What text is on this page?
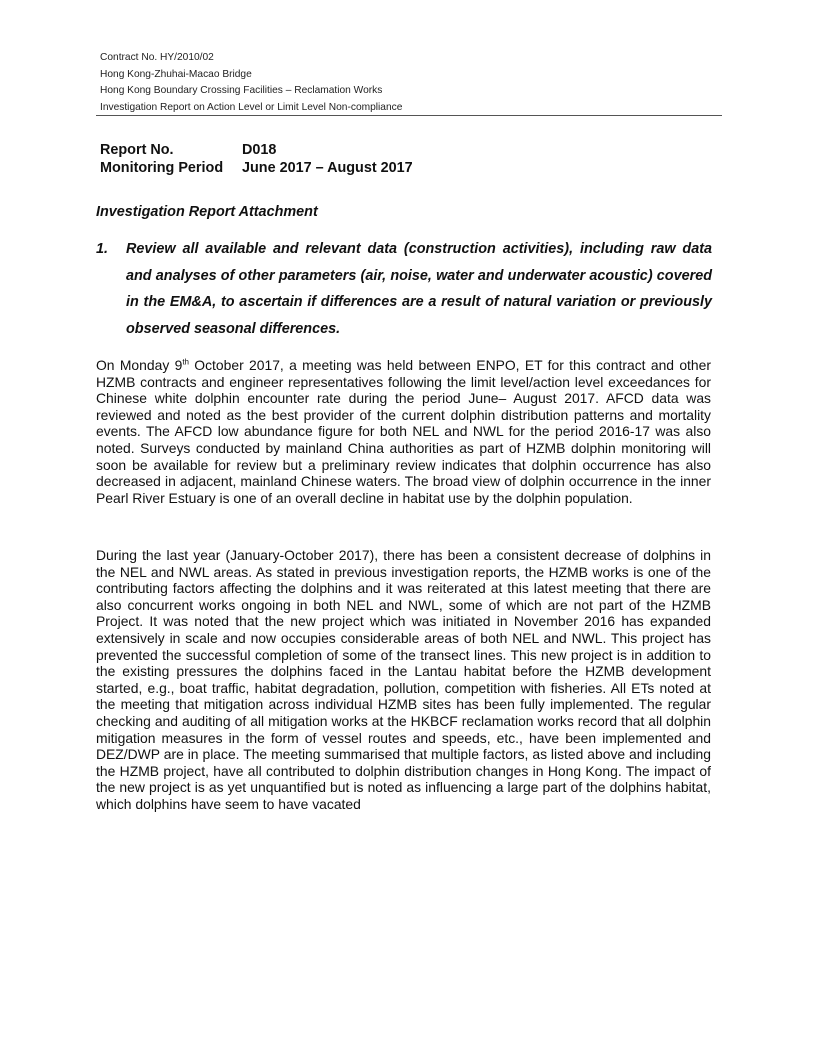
Contract No. HY/2010/02
Hong Kong-Zhuhai-Macao Bridge
Hong Kong Boundary Crossing Facilities – Reclamation Works
Investigation Report on Action Level or Limit Level Non-compliance
Report No.	D018
Monitoring Period	June 2017 – August 2017
Investigation Report Attachment
1. Review all available and relevant data (construction activities), including raw data and analyses of other parameters (air, noise, water and underwater acoustic) covered in the EM&A, to ascertain if differences are a result of natural variation or previously observed seasonal differences.
On Monday 9th October 2017, a meeting was held between ENPO, ET for this contract and other HZMB contracts and engineer representatives following the limit level/action level exceedances for Chinese white dolphin encounter rate during the period June– August 2017. AFCD data was reviewed and noted as the best provider of the current dolphin distribution patterns and mortality events. The AFCD low abundance figure for both NEL and NWL for the period 2016-17 was also noted. Surveys conducted by mainland China authorities as part of HZMB dolphin monitoring will soon be available for review but a preliminary review indicates that dolphin occurrence has also decreased in adjacent, mainland Chinese waters. The broad view of dolphin occurrence in the inner Pearl River Estuary is one of an overall decline in habitat use by the dolphin population.
During the last year (January-October 2017), there has been a consistent decrease of dolphins in the NEL and NWL areas. As stated in previous investigation reports, the HZMB works is one of the contributing factors affecting the dolphins and it was reiterated at this latest meeting that there are also concurrent works ongoing in both NEL and NWL, some of which are not part of the HZMB Project. It was noted that the new project which was initiated in November 2016 has expanded extensively in scale and now occupies considerable areas of both NEL and NWL. This project has prevented the successful completion of some of the transect lines. This new project is in addition to the existing pressures the dolphins faced in the Lantau habitat before the HZMB development started, e.g., boat traffic, habitat degradation, pollution, competition with fisheries. All ETs noted at the meeting that mitigation across individual HZMB sites has been fully implemented. The regular checking and auditing of all mitigation works at the HKBCF reclamation works record that all dolphin mitigation measures in the form of vessel routes and speeds, etc., have been implemented and DEZ/DWP are in place. The meeting summarised that multiple factors, as listed above and including the HZMB project, have all contributed to dolphin distribution changes in Hong Kong. The impact of the new project is as yet unquantified but is noted as influencing a large part of the dolphins habitat, which dolphins have seem to have vacated
